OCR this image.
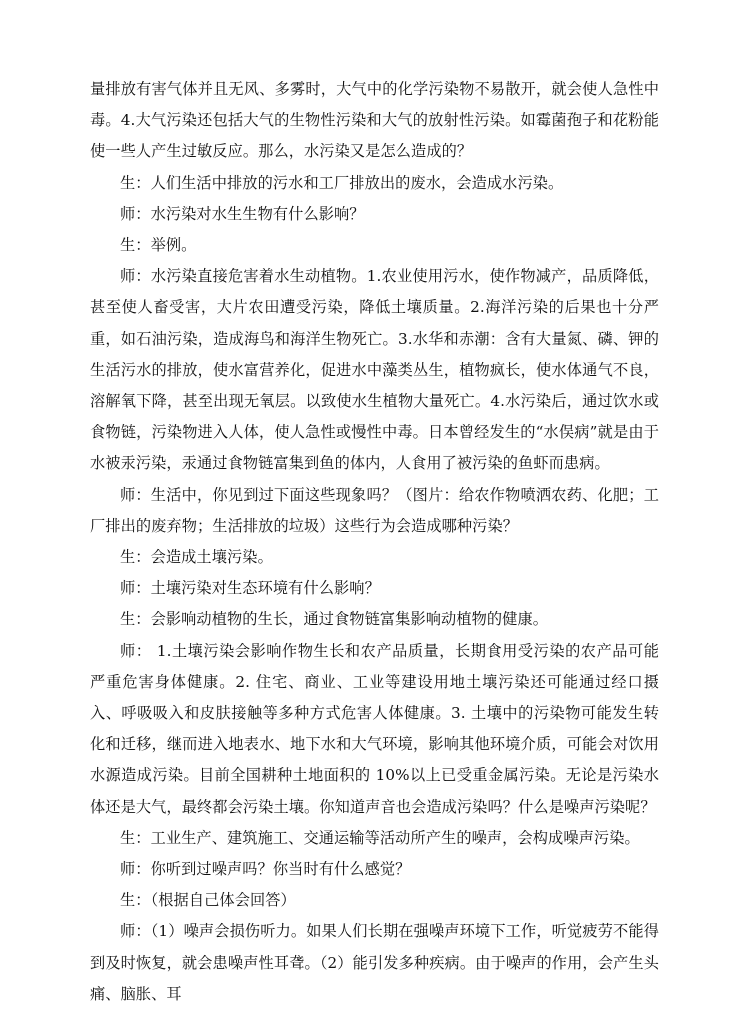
量排放有害气体并且无风、多雾时，大气中的化学污染物不易散开，就会使人急性中毒。4.大气污染还包括大气的生物性污染和大气的放射性污染。如霉菌孢子和花粉能使一些人产生过敏反应。那么，水污染又是怎么造成的？

生：人们生活中排放的污水和工厂排放出的废水，会造成水污染。

师：水污染对水生生物有什么影响？

生：举例。

师：水污染直接危害着水生动植物。1.农业使用污水，使作物减产，品质降低，甚至使人畜受害，大片农田遭受污染，降低土壤质量。2.海洋污染的后果也十分严重，如石油污染，造成海鸟和海洋生物死亡。3.水华和赤潮：含有大量氮、磷、钾的生活污水的排放，使水富营养化，促进水中藻类丛生，植物疯长，使水体通气不良，溶解氧下降，甚至出现无氧层。以致使水生植物大量死亡。4.水污染后，通过饮水或食物链，污染物进入人体，使人急性或慢性中毒。日本曾经发生的“水俣病”就是由于水被汞污染，汞通过食物链富集到鱼的体内，人食用了被污染的鱼虾而患病。

师：生活中，你见到过下面这些现象吗？（图片：给农作物喷洒农药、化肥；工厂排出的废弃物；生活排放的垃圾）这些行为会造成哪种污染？

生：会造成土壤污染。

师：土壤污染对生态环境有什么影响？

生：会影响动植物的生长，通过食物链富集影响动植物的健康。

师： 1.土壤污染会影响作物生长和农产品质量，长期食用受污染的农产品可能严重危害身体健康。2. 住宅、商业、工业等建设用地土壤污染还可能通过经口摄入、呼吸吸入和皮肤接触等多种方式危害人体健康。3. 土壤中的污染物可能发生转化和迁移，继而进入地表水、地下水和大气环境，影响其他环境介质，可能会对饮用水源造成污染。目前全国耕种土地面积的 10%以上已受重金属污染。无论是污染水体还是大气，最终都会污染土壤。你知道声音也会造成污染吗？什么是噪声污染呢？

生：工业生产、建筑施工、交通运输等活动所产生的噪声，会构成噪声污染。

师：你听到过噪声吗？你当时有什么感觉？

生：（根据自己体会回答）

师：（1）噪声会损伤听力。如果人们长期在强噪声环境下工作，听觉疲劳不能得到及时恢复，就会患噪声性耳聋。（2）能引发多种疾病。由于噪声的作用，会产生头痛、脑胀、耳
